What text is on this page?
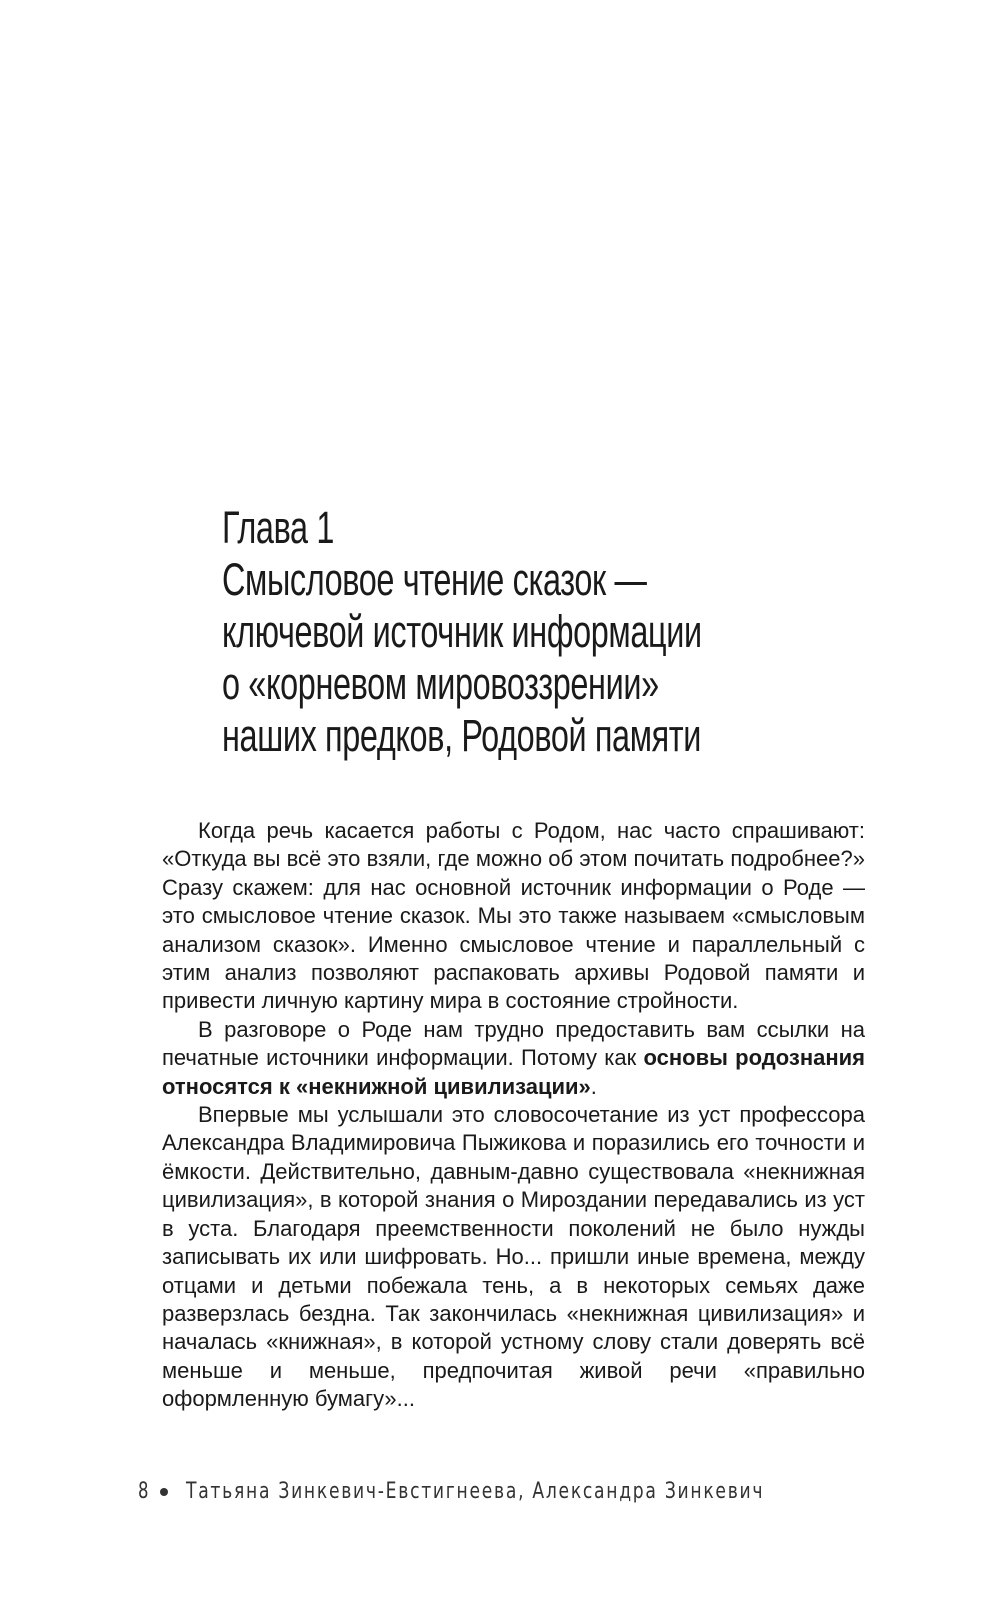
Глава 1
Смысловое чтение сказок —
ключевой источник информации
о «корневом мировоззрении»
наших предков, Родовой памяти

Когда речь касается работы с Родом, нас часто спрашивают: «Откуда вы всё это взяли, где можно об этом почитать подробнее?» Сразу скажем: для нас основной источник информации о Роде — это смысловое чтение сказок. Мы это также называем «смысловым анализом сказок». Именно смысловое чтение и параллельный с этим анализ позволяют распаковать архивы Родовой памяти и привести личную картину мира в состояние стройности.

В разговоре о Роде нам трудно предоставить вам ссылки на печатные источники информации. Потому как основы родознания относятся к «некнижной цивилизации».

Впервые мы услышали это словосочетание из уст профессора Александра Владимировича Пыжикова и поразились его точности и ёмкости. Действительно, давным-давно существовала «некнижная цивилизация», в которой знания о Мироздании передавались из уст в уста. Благодаря преемственности поколений не было нужды записывать их или шифровать. Но... пришли иные времена, между отцами и детьми побежала тень, а в некоторых семьях даже разверзлась бездна. Так закончилась «некнижная цивилизация» и началась «книжная», в которой устному слову стали доверять всё меньше и меньше, предпочитая живой речи «правильно оформленную бумагу»...

8 Татьяна Зинкевич-Евстигнеева, Александра Зинкевич
